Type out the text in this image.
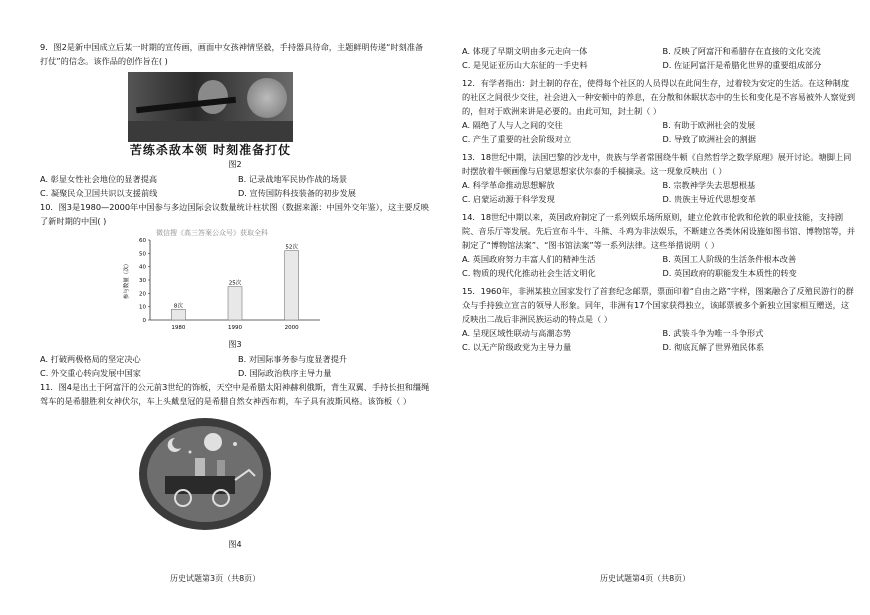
9．图2是新中国成立后某一时期的宣传画，画面中女孩神情坚毅，手持器具待命，主题鲜明传递“时刻准备打仗”的信念。该作品的创作旨在( )

苦练杀敌本领 时刻准备打仗
图2
A. 彰显女性社会地位的显著提高	B. 记录战地军民协作战的场景
C. 凝聚民众卫国共识以支援前线	D. 宣传国防科技装备的初步发展

10．图3是1980—2000年中国参与多边国际会议数量统计柱状图（数据来源：中国外交年鉴），这主要反映了新时期的中国( )

微信搜《高三答案公众号》获取全科
0
10
20
30
40
50
60
参与数量（次）
8次
1980
25次
1990
52次
2000
图3
A. 打破两极格局的坚定决心	B. 对国际事务参与度显著提升
C. 外交重心转向发展中国家	D. 国际政治秩序主导力量

11．图4是出土于阿富汗的公元前3世纪的饰板，天空中是希腊太阳神赫利俄斯，背生双翼、手持长担和缰绳驾车的是希腊胜利女神伏尔，车上头戴皇冠的是希腊自然女神西布莉，车子具有波斯风格。该饰板（ ）

图4
历史试题第3页（共8页）
A. 体现了早期文明由多元走向一体	B. 反映了阿富汗和希腊存在直接的文化交流
C. 是见证亚历山大东征的一手史料	D. 佐证阿富汗是希腊化世界的重要组成部分

12．有学者指出：封土制的存在，使得每个社区的人员得以在此间生存，过着较为安定的生活。在这种制度的社区之间很少交往，社会进入一种安顿中的养息，在分散和休眠状态中的生长和变化是不容易被外人察觉到的，但对于欧洲来讲是必要的。由此可知，封土制（ ）

A. 隔绝了人与人之间的交往	B. 有助于欧洲社会的发展
C. 产生了重要的社会阶级对立	D. 导致了欧洲社会的割据

13．18世纪中期，法国巴黎的沙龙中，贵族与学者常围绕牛顿《自然哲学之数学原理》展开讨论。塘脚上同时摆放着牛顿画像与启蒙思想家伏尔泰的手稿摘录。这一现象反映出（ ）

A. 科学革命推动思想解放	B. 宗教神学失去思想根基
C. 启蒙运动源于科学发现	D. 贵族主导近代思想变革

14．18世纪中期以来，英国政府制定了一系列娱乐场所原则，建立伦敦市伦敦和伦敦的职业技能，支持剧院、音乐厅等发展。先后宣布斗牛、斗熊、斗鸡为非法娱乐，不断建立各类休闲设施如图书馆、博物馆等，并制定了“博物馆法案”、“图书馆法案”等一系列法律。这些举措说明（ ）

A. 英国政府努力丰富人们的精神生活	B. 英国工人阶级的生活条件根本改善
C. 物质的现代化推动社会生活文明化	D. 英国政府的职能发生本质性的转变

15．1960年，非洲某独立国家发行了首套纪念邮票，票面印着“自由之路”字样，图案融合了反殖民游行的群众与手持独立宣言的领导人形象。同年，非洲有17个国家获得独立，该邮票被多个新独立国家相互赠送，这反映出二战后非洲民族运动的特点是（ ）

A. 呈现区域性联动与高潮态势	B. 武装斗争为唯一斗争形式
C. 以无产阶级政党为主导力量	D. 彻底瓦解了世界殖民体系
历史试题第4页（共8页）
